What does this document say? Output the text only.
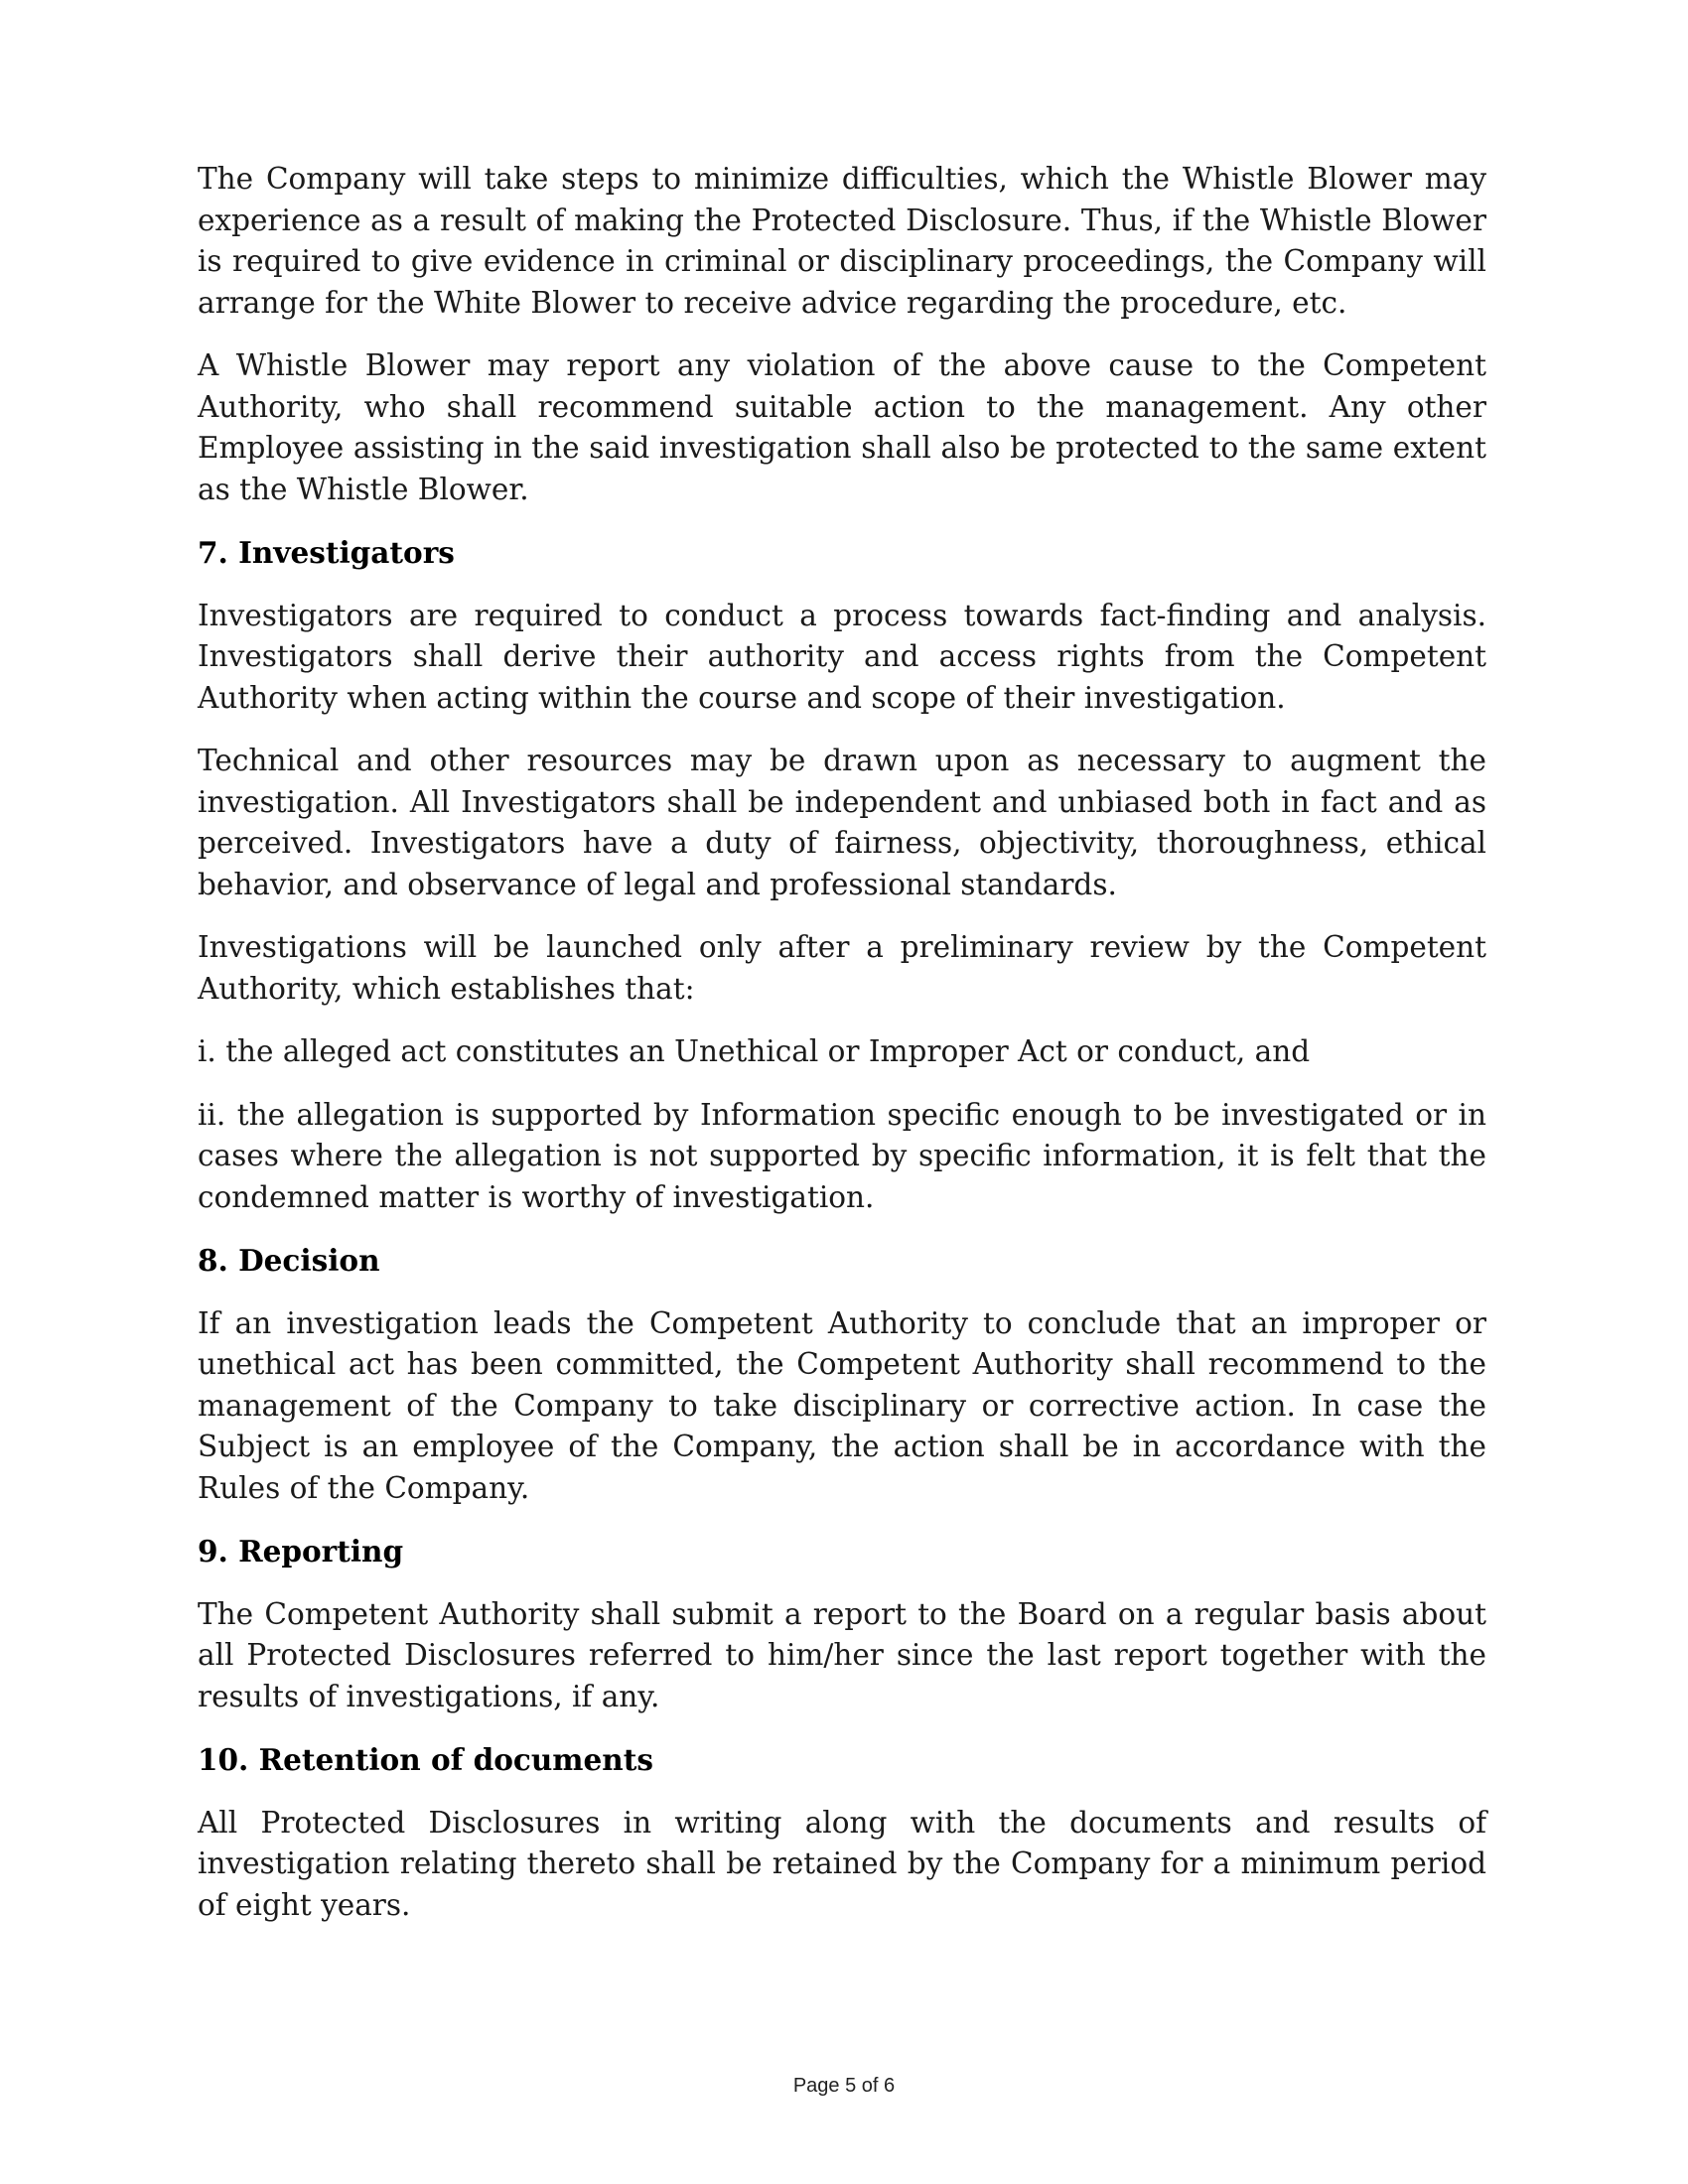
The Company will take steps to minimize difficulties, which the Whistle Blower may experience as a result of making the Protected Disclosure. Thus, if the Whistle Blower is required to give evidence in criminal or disciplinary proceedings, the Company will arrange for the White Blower to receive advice regarding the procedure, etc.

A Whistle Blower may report any violation of the above cause to the Competent Authority, who shall recommend suitable action to the management. Any other Employee assisting in the said investigation shall also be protected to the same extent as the Whistle Blower.

7. Investigators

Investigators are required to conduct a process towards fact-finding and analysis. Investigators shall derive their authority and access rights from the Competent Authority when acting within the course and scope of their investigation.

Technical and other resources may be drawn upon as necessary to augment the investigation. All Investigators shall be independent and unbiased both in fact and as perceived. Investigators have a duty of fairness, objectivity, thoroughness, ethical behavior, and observance of legal and professional standards.

Investigations will be launched only after a preliminary review by the Competent Authority, which establishes that:

i. the alleged act constitutes an Unethical or Improper Act or conduct, and

ii. the allegation is supported by Information specific enough to be investigated or in cases where the allegation is not supported by specific information, it is felt that the condemned matter is worthy of investigation.

8. Decision

If an investigation leads the Competent Authority to conclude that an improper or unethical act has been committed, the Competent Authority shall recommend to the management of the Company to take disciplinary or corrective action. In case the Subject is an employee of the Company, the action shall be in accordance with the Rules of the Company.

9. Reporting

The Competent Authority shall submit a report to the Board on a regular basis about all Protected Disclosures referred to him/her since the last report together with the results of investigations, if any.

10. Retention of documents

All Protected Disclosures in writing along with the documents and results of investigation relating thereto shall be retained by the Company for a minimum period of eight years.

Page 5 of 6
